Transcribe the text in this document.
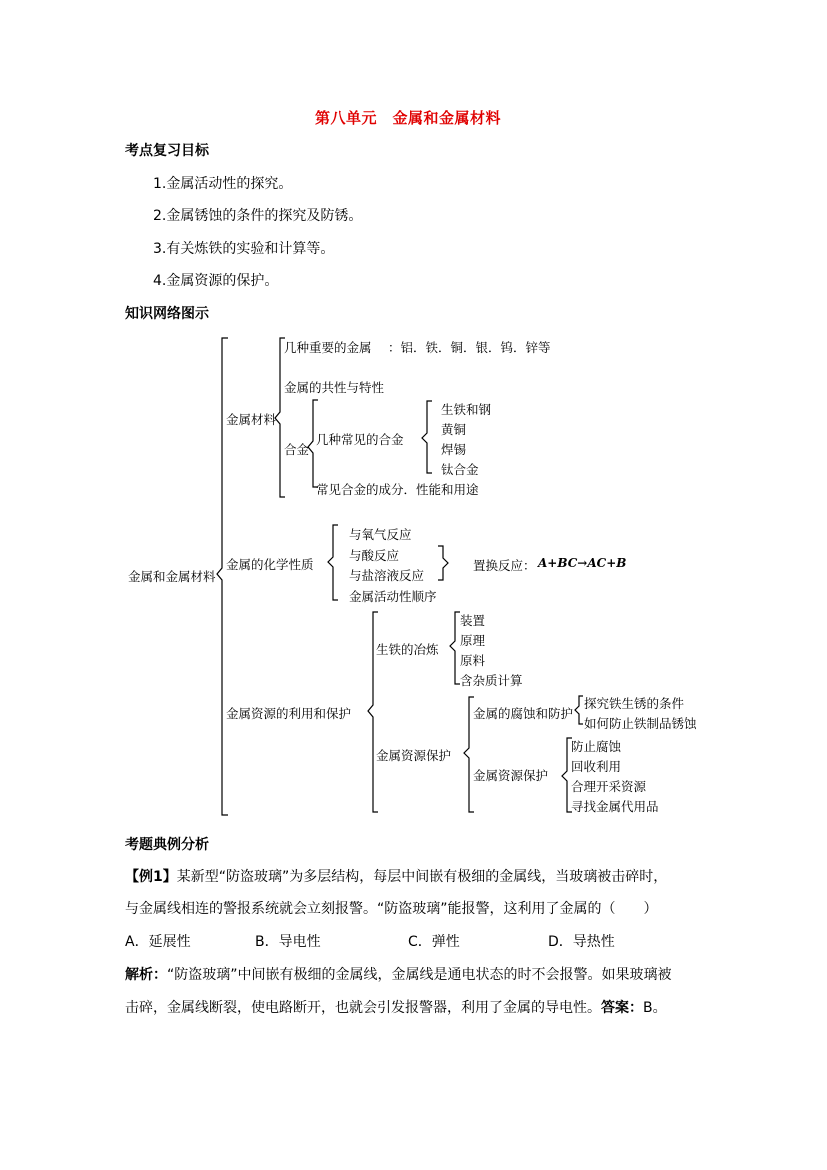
第八单元　金属和金属材料
考点复习目标
1.金属活动性的探究。
2.金属锈蚀的条件的探究及防锈。
3.有关炼铁的实验和计算等。
4.金属资源的保护。
知识网络图示
金属和金属材料
金属材料
几种重要的金属 ：铝．铁．铜．银．钨．锌等
金属的共性与特性
合金
几种常见的合金
生铁和钢
黄铜
焊锡
钛合金
常见合金的成分．性能和用途
金属的化学性质
与氧气反应
与酸反应
与盐溶液反应
金属活动性顺序
置换反应： A+BC→AC+B
金属资源的利用和保护
生铁的冶炼
装置
原理
原料
含杂质计算
金属资源保护
金属的腐蚀和防护
探究铁生锈的条件
如何防止铁制品锈蚀
金属资源保护
防止腐蚀
回收利用
合理开采资源
寻找金属代用品
考题典例分析
【例1】某新型“防盗玻璃”为多层结构，每层中间嵌有极细的金属线，当玻璃被击碎时，
与金属线相连的警报系统就会立刻报警。“防盗玻璃”能报警，这利用了金属的（　　）
A．延展性	B．导电性	C．弹性	D．导热性
解析：“防盗玻璃”中间嵌有极细的金属线，金属线是通电状态的时不会报警。如果玻璃被
击碎，金属线断裂，使电路断开，也就会引发报警器，利用了金属的导电性。答案：B。
